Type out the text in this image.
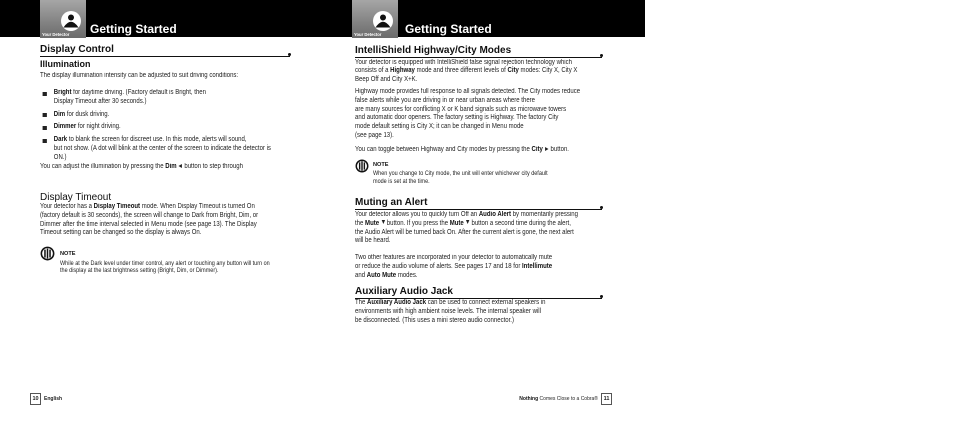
Your Detector Getting Started
Display Control
Illumination
The display illumination intensity can be adjusted to suit driving conditions:
Bright for daytime driving. (Factory default is Bright, then
Display Timeout after 30 seconds.)
Dim for dusk driving.
Dimmer for night driving.
Dark to blank the screen for discreet use. In this mode, alerts will sound,
but not show. (A dot will blink at the center of the screen to indicate the detector is
ON.)
You can adjust the illumination by pressing the Dim button to step through
Display Timeout
Your detector has a Display Timeout mode. When Display Timeout is turned On
(factory default is 30 seconds), the screen will change to Dark from Bright, Dim, or
Dimmer after the time interval selected in Menu mode (see page 13). The Display
Timeout setting can be changed so the display is always On.
NOTE
While at the Dark level under timer control, any alert or touching any button will turn on
the display at the last brightness setting (Bright, Dim, or Dimmer).
10	English
Your Detector Getting Started
IntelliShield Highway/City Modes
Your detector is equipped with IntelliShield false signal rejection technology which
consists of a Highway mode and three different levels of City modes: City X, City X
Beep Off and City X+K.
Highway mode provides full response to all signals detected. The City modes reduce
false alerts while you are driving in or near urban areas where there
are many sources for conflicting X or K band signals such as microwave towers
and automatic door openers. The factory setting is Highway. The factory City
mode default setting is City X; it can be changed in Menu mode
(see page 13).
You can toggle between Highway and City modes by pressing the City button.
NOTE
When you change to City mode, the unit will enter whichever city default
mode is set at the time.
Muting an Alert
Your detector allows you to quickly turn Off an Audio Alert by momentarily pressing
the Mute button. If you press the Mute button a second time during the alert,
the Audio Alert will be turned back On. After the current alert is gone, the next alert
will be heard.
Two other features are incorporated in your detector to automatically mute
or reduce the audio volume of alerts. See pages 17 and 18 for Intellimute
and Auto Mute modes.
Auxiliary Audio Jack
The Auxiliary Audio Jack can be used to connect external speakers in
environments with high ambient noise levels. The internal speaker will
be disconnected. (This uses a mini stereo audio connector.)
Nothing Comes Close to a Cobra®	11
